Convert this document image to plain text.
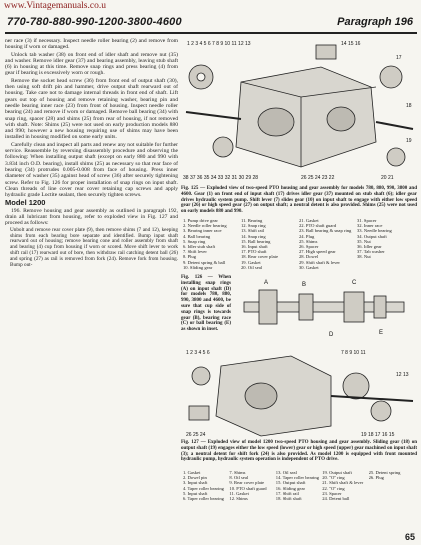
www.Vintagemanuals.co.u
770-780-880-990-1200-3800-4600	Paragraph 196

ner race (3) if necessary. Inspect needle roller bearing (2) and remove from housing if worn or damaged.

Unlock tab washer (38) on front end of idler shaft and remove nut (35) and washer. Remove idler gear (37) and bearing assembly, leaving stub shaft (6) in housing at this time. Remove snap rings and press bearing (4) from gear if bearing is excessively worn or rough.

Remove the socket head screw (36) from front end of output shaft (30), then using soft drift pin and hammer, drive output shaft rearward out of housing. Take care not to damage internal threads in front end of shaft. Lift gears out top of housing and remove retaining washer, bearing pin and needle bearing inner race (23) from front of housing. Inspect needle roller bearing (24) and remove if worn or damaged. Remove ball bearing (34) with snap ring, spacer (28) and shims (25) from rear of housing, if not removed with shaft. Note: Shims (25) were not used on early production models 880 and 990; however a new housing requiring use of shims may have been installed in housing modified on some early units.

Carefully clean and inspect all parts and renew any not suitable for further service. Reassemble by reversing disassembly procedure and observing the following: When installing output shaft (except on early 880 and 990 with 3.834 inch O.D. bearing), install shims (25) as necessary so that rear face of bearing (34) protrudes 0.005-0.008 from face of housing. Press inner diameter of washer (35) against head of screw (36) after securely tightening screw. Refer to Fig. 126 for proper installation of snap rings on input shaft. Clean threads of line cover rear cover retaining cap screws and apply hydraulic grade Loctite sealant, then securely tighten screws.

Model 1200

196. Remove housing and gear assembly as outlined in paragraph 192, drain all lubricant from housing, refer to exploded view in Fig. 127 and proceed as follows:

Unbolt and remove rear cover plate (9), then remove shims (7 and 12), keeping shims from each bearing bore separate and identified. Bump input shaft rearward out of housing; remove bearing cone and roller assembly from shaft and bearing (4) cup from housing if worn or scored. Move shift lever to work shift rail (17) rearward out of bore, then withdraw rail catching detent ball (26) and spring (27) as rail is removed from fork (24). Remove fork from housing. Bump out-

1 2 3 4 5 6 7 8 9 10 11 12 13	14 15 16
17
18
19
20 21
26 25 24 23 22
38 37 36 35 34 33 32 31 30 29 28
Fig. 125 — Exploded view of two-speed PTO housing and gear assembly for models 780, 880, 990, 3800 and 4600. Gear (1) on front end of input shaft (17) drives idler gear (37) mounted on stub shaft (6); idler gear drives hydraulic system pump. Shift lever (7) slides gear (10) on input shaft to engage with either low speed gear (26) or high speed gear (27) on output shaft; a neutral detent is also provided. Shims (25) were not used on early models 880 and 990.
1. Pump drive gear
2. Needle roller bearing
3. Bearing inner race
4. Ball bearing
5. Snap ring
6. Idler stub shaft
7. Shift lever
8. Plug
9. Detent spring & ball
10. Sliding gear
11. Bearing
12. Snap ring
13. Shift rail
14. Snap ring
15. Ball bearing
16. Input shaft
17. PTO shaft
18. Rear cover plate
19. Gasket
20. Oil seal
21. Gasket
22. PTO shaft guard
23. Ball bearing & snap ring
24. Plug
25. Shims
26. Spacer
27. High speed gear
28. Dowel
29. Shift shaft & lever
30. Gasket
31. Spacer
32. Inner race
33. Needle bearing
34. Output shaft
35. Nut
36. Idler gear
37. Tab washer
38. Nut
Fig. 126 — When installing snap rings (A) on input shaft (D) for models 780, 880, 990, 3800 and 4600, be sure that cup side of snap rings is towards gear (B), bearing race (C) or ball bearing (E) as shown in inset.
A	B	C
D	E
1 2 3 4 5 6	7 8 9 10 11
12 13
26 25 24	19 18 17 16 15
Fig. 127 — Exploded view of model 1200 two-speed PTO housing and gear assembly. Sliding gear (18) on output shaft (19) engages either the low speed (lower) gear or high speed (upper) gear machined on input shaft (3); a neutral detent for shift fork (24) is also provided. As model 1200 is equipped with front mounted hydraulic pump, hydraulic system operation is independent of PTO drive.
1. Gasket
2. Dowel pin
3. Input shaft
4. Taper roller bearing
5. Input shaft
6. Taper roller bearing
7. Shims
8. Oil seal
9. Rear cover plate
10. PTO shaft guard
11. Gasket
12. Shims
13. Oil seal
14. Taper roller bearing
15. Output shaft
16. Sliding gear
17. Shift rail
18. Shift shaft
19. Output shaft
20. "O" ring
21. Shift shaft & lever
22. "O" ring
23. Spacer
24. Detent ball
25. Detent spring
26. Plug
65
